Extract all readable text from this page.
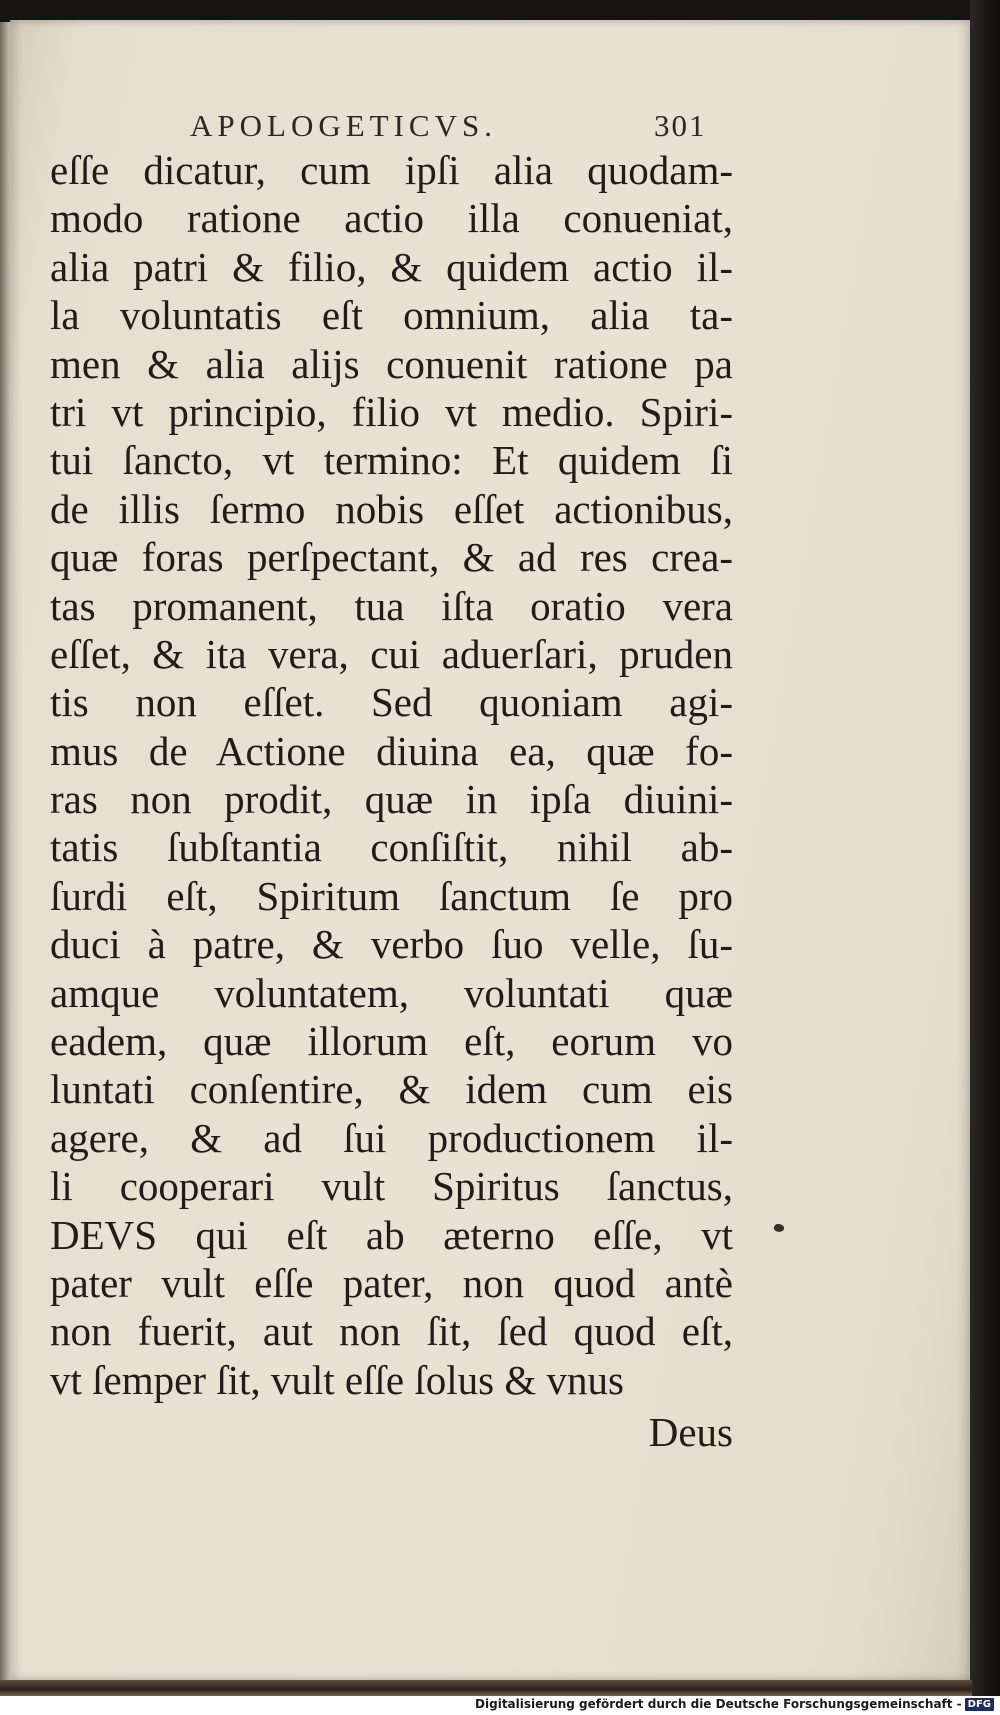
APOLOGETICVS.	301
eſſe dicatur, cum ipſi alia quodam-
modo ratione actio illa conueniat,
alia patri & filio, & quidem actio il-
la voluntatis eſt omnium, alia ta-
men & alia alijs conuenit ratione pa
tri vt principio, filio vt medio. Spiri-
tui ſancto, vt termino: Et quidem ſi
de illis ſermo nobis eſſet actionibus,
quæ foras perſpectant, & ad res crea-
tas promanent, tua iſta oratio vera
eſſet, & ita vera, cui aduerſari, pruden
tis non eſſet. Sed quoniam agi-
mus de Actione diuina ea, quæ fo-
ras non prodit, quæ in ipſa diuini-
tatis ſubſtantia conſiſtit, nihil ab-
ſurdi eſt, Spiritum ſanctum ſe pro
duci à patre, & verbo ſuo velle, ſu-
amque voluntatem, voluntati quæ
eadem, quæ illorum eſt, eorum vo
luntati conſentire, & idem cum eis
agere, & ad ſui productionem il-
li cooperari vult Spiritus ſanctus,
DEVS qui eſt ab æterno eſſe, vt
pater vult eſſe pater, non quod antè
non fuerit, aut non ſit, ſed quod eſt,
vt ſemper ſit, vult eſſe ſolus & vnus
Deus
Digitalisierung gefördert durch die Deutsche Forschungsgemeinschaft - DFG
